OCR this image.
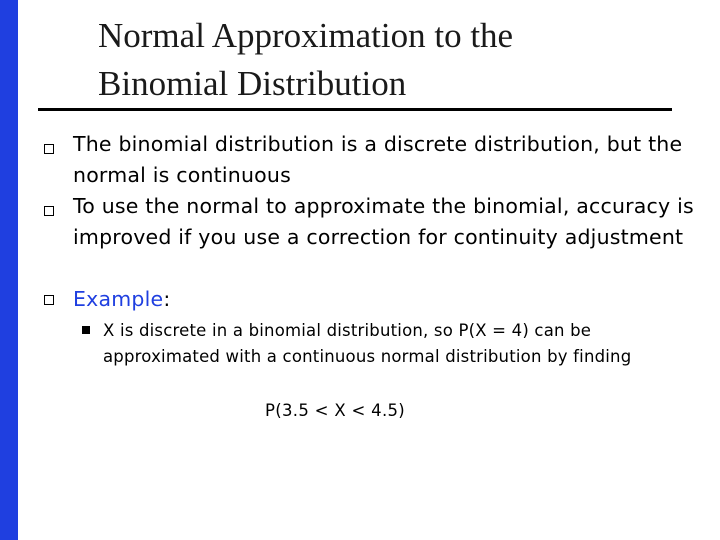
Normal Approximation to the
Binomial Distribution
The binomial distribution is a discrete distribution, but the normal is continuous
To use the normal to approximate the binomial, accuracy is improved if you use a correction for continuity adjustment
Example:
X is discrete in a binomial distribution, so P(X = 4) can be approximated with a continuous normal distribution by finding
P(3.5 < X < 4.5)
